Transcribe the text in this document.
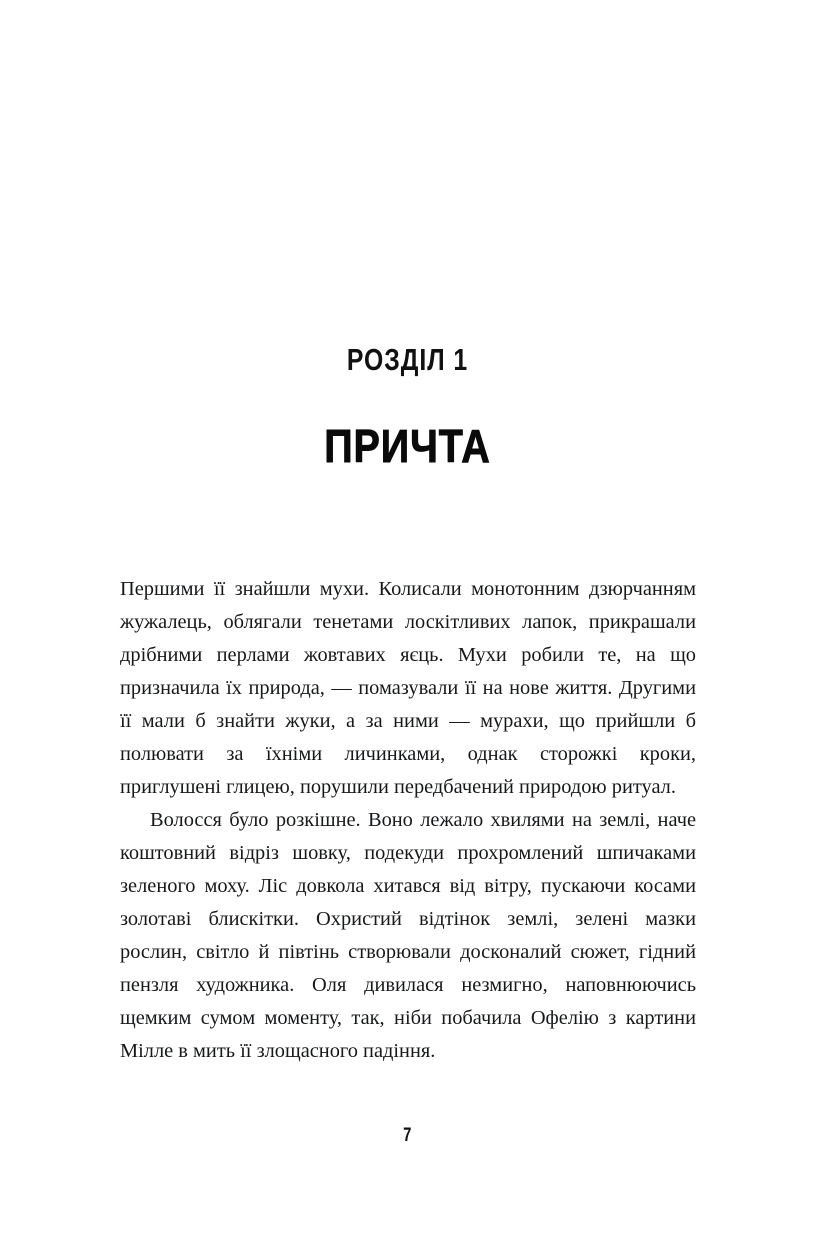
РОЗДІЛ 1
ПРИЧТА

Першими її знайшли мухи. Колисали монотонним дзюрчанням жужалець, облягали тенетами лоскітливих лапок, прикрашали дрібними перлами жовтавих яєць. Мухи робили те, на що призначила їх природа, — помазували її на нове життя. Другими її мали б знайти жуки, а за ними — мурахи, що прийшли б полювати за їхніми личинками, однак сторожкі кроки, приглушені глицею, порушили передбачений природою ритуал.

Волосся було розкішне. Воно лежало хвилями на землі, наче коштовний відріз шовку, подекуди прохромлений шпичаками зеленого моху. Ліс довкола хитався від вітру, пускаючи косами золотаві блискітки. Охристий відтінок землі, зелені мазки рослин, світло й півтінь створювали досконалий сюжет, гідний пензля художника. Оля дивилася незмигно, наповнюючись щемким сумом моменту, так, ніби побачила Офелію з картини Мілле в мить її злощасного падіння.

7
